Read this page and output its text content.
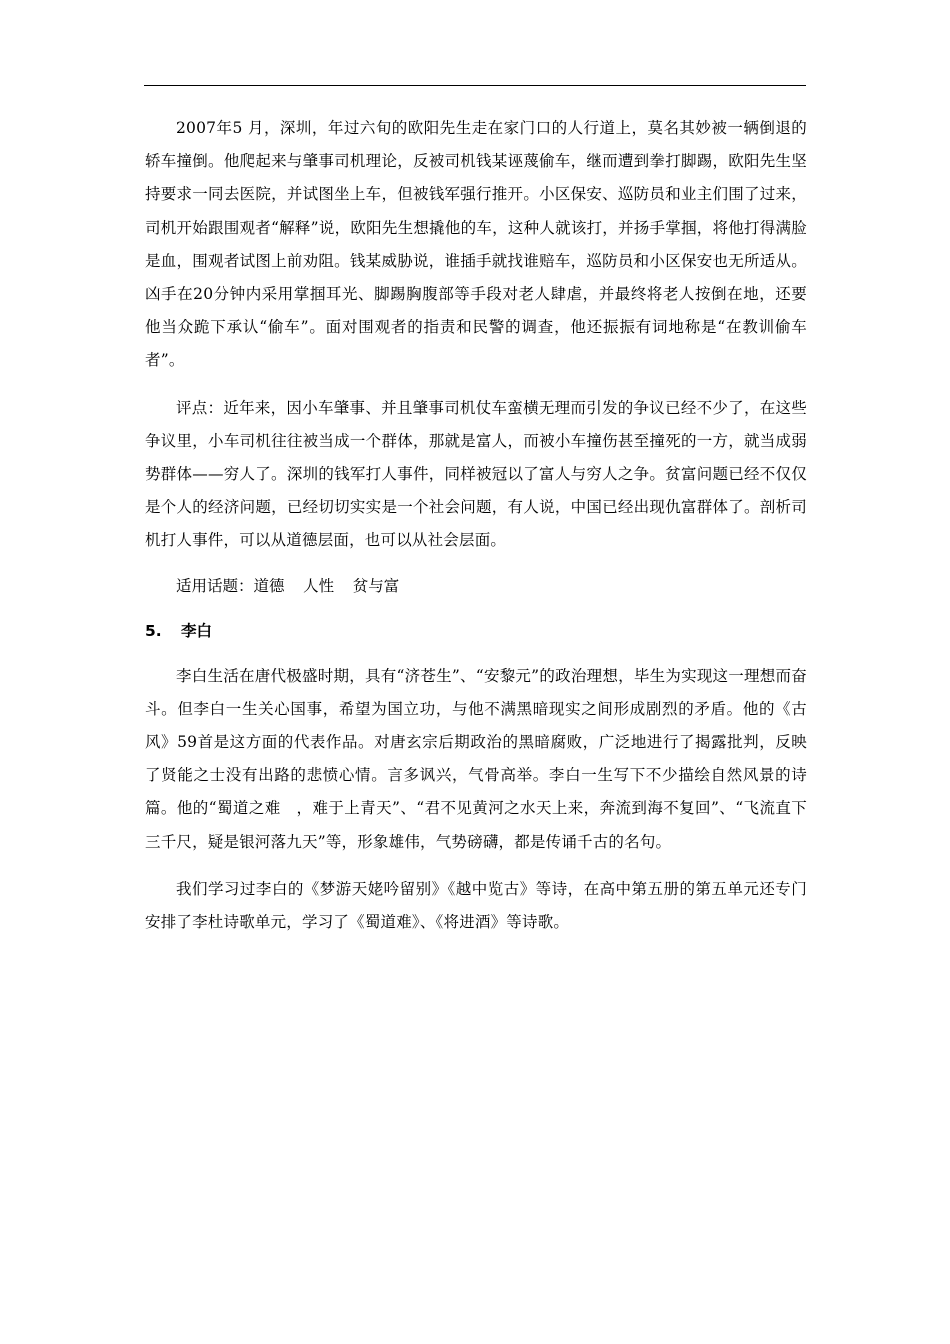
2007年5 月，深圳，年过六旬的欧阳先生走在家门口的人行道上，莫名其妙被一辆倒退的轿车撞倒。他爬起来与肇事司机理论，反被司机钱某诬蔑偷车，继而遭到拳打脚踢，欧阳先生坚持要求一同去医院，并试图坐上车，但被钱军强行推开。小区保安、巡防员和业主们围了过来，司机开始跟围观者“解释”说，欧阳先生想撬他的车，这种人就该打，并扬手掌掴，将他打得满脸是血，围观者试图上前劝阻。钱某威胁说，谁插手就找谁赔车，巡防员和小区保安也无所适从。凶手在20分钟内采用掌掴耳光、脚踢胸腹部等手段对老人肆虐，并最终将老人按倒在地，还要他当众跪下承认“偷车”。面对围观者的指责和民警的调查，他还振振有词地称是“在教训偷车者”。

评点：近年来，因小车肇事、并且肇事司机仗车蛮横无理而引发的争议已经不少了，在这些争议里，小车司机往往被当成一个群体，那就是富人，而被小车撞伤甚至撞死的一方，就当成弱势群体——穷人了。深圳的钱军打人事件，同样被冠以了富人与穷人之争。贫富问题已经不仅仅是个人的经济问题，已经切切实实是一个社会问题，有人说，中国已经出现仇富群体了。剖析司机打人事件，可以从道德层面，也可以从社会层面。

适用话题：道德 人性 贫与富

5. 李白

李白生活在唐代极盛时期，具有“济苍生”、“安黎元”的政治理想，毕生为实现这一理想而奋斗。但李白一生关心国事，希望为国立功，与他不满黑暗现实之间形成剧烈的矛盾。他的《古风》59首是这方面的代表作品。对唐玄宗后期政治的黑暗腐败，广泛地进行了揭露批判，反映了贤能之士没有出路的悲愤心情。言多讽兴，气骨高举。李白一生写下不少描绘自然风景的诗篇。他的“蜀道之难　，难于上青天”、“君不见黄河之水天上来，奔流到海不复回”、“飞流直下三千尺，疑是银河落九天”等，形象雄伟，气势磅礴，都是传诵千古的名句。

我们学习过李白的《梦游天姥吟留别》《越中览古》等诗，在高中第五册的第五单元还专门安排了李杜诗歌单元，学习了《蜀道难》、《将进酒》等诗歌。
